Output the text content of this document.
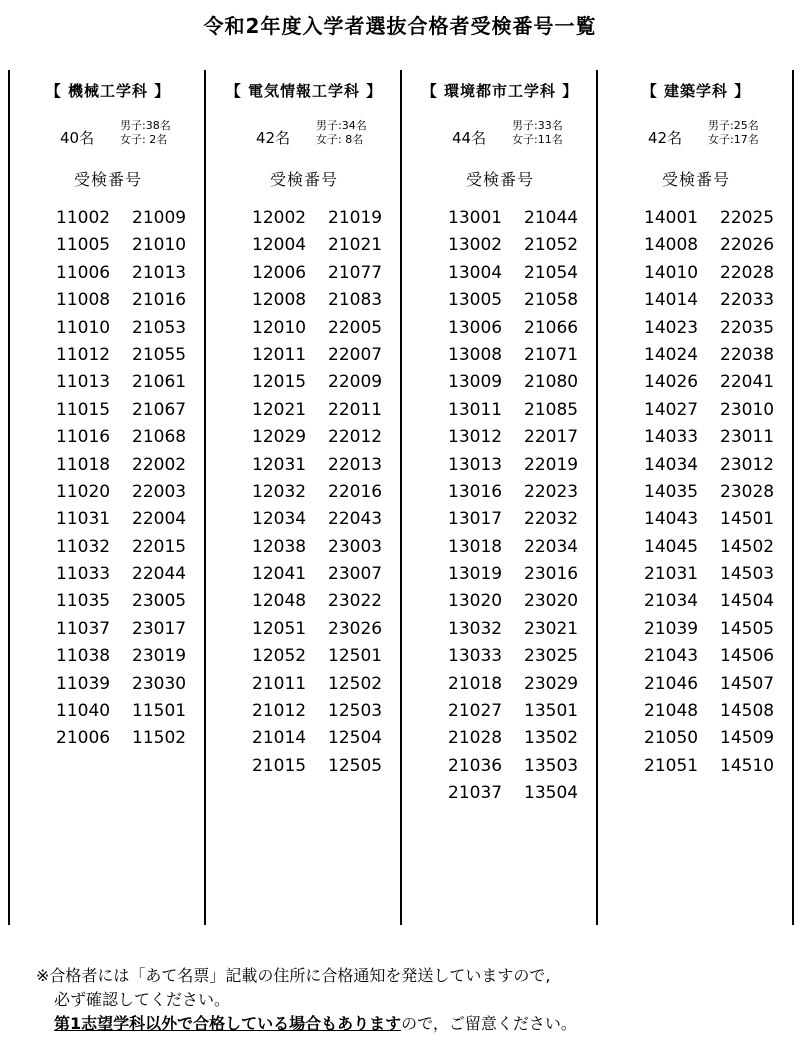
令和2年度入学者選抜合格者受検番号一覧
【 機械工学科 】
40名
男子:38名
女子: 2名
受検番号
11002 21009
11005 21010
11006 21013
11008 21016
11010 21053
11012 21055
11013 21061
11015 21067
11016 21068
11018 22002
11020 22003
11031 22004
11032 22015
11033 22044
11035 23005
11037 23017
11038 23019
11039 23030
11040 11501
21006 11502
【 電気情報工学科 】
42名
男子:34名
女子: 8名
受検番号
12002 21019
12004 21021
12006 21077
12008 21083
12010 22005
12011 22007
12015 22009
12021 22011
12029 22012
12031 22013
12032 22016
12034 22043
12038 23003
12041 23007
12048 23022
12051 23026
12052 12501
21011 12502
21012 12503
21014 12504
21015 12505
【 環境都市工学科 】
44名
男子:33名
女子:11名
受検番号
13001 21044
13002 21052
13004 21054
13005 21058
13006 21066
13008 21071
13009 21080
13011 21085
13012 22017
13013 22019
13016 22023
13017 22032
13018 22034
13019 23016
13020 23020
13032 23021
13033 23025
21018 23029
21027 13501
21028 13502
21036 13503
21037 13504
【 建築学科 】
42名
男子:25名
女子:17名
受検番号
14001 22025
14008 22026
14010 22028
14014 22033
14023 22035
14024 22038
14026 22041
14027 23010
14033 23011
14034 23012
14035 23028
14043 14501
14045 14502
21031 14503
21034 14504
21039 14505
21043 14506
21046 14507
21048 14508
21050 14509
21051 14510
※合格者には「あて名票」記載の住所に合格通知を発送していますので,
必ず確認してください。
第1志望学科以外で合格している場合もありますので，ご留意ください。
